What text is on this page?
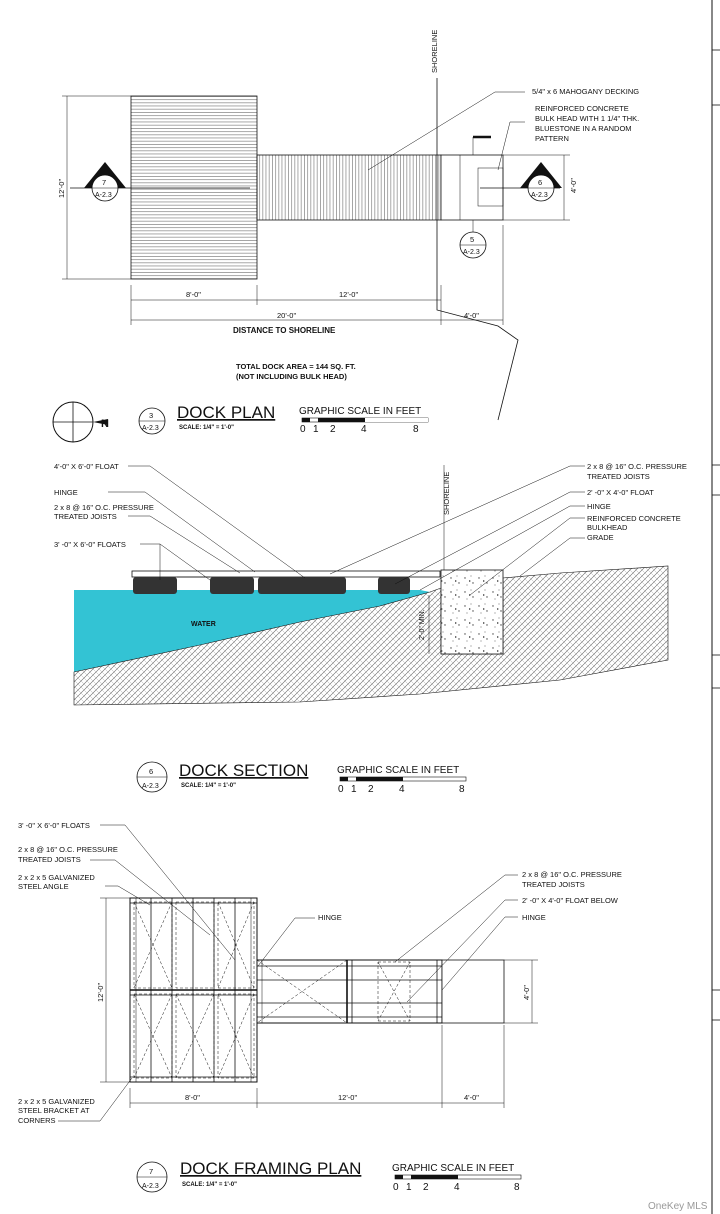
SHORELINE
5/4" x 6 MAHOGANY DECKING
REINFORCED CONCRETE
BULK HEAD WITH 1 1/4" THK.
BLUESTONE IN A RANDOM
PATTERN
12'-0"	4'-0"
8'-0"	12'-0"
20'-0"	4'-0"
DISTANCE TO SHORELINE
TOTAL DOCK AREA = 144 SQ. FT.
(NOT INCLUDING BULK HEAD)
7
A-2.3
6
A-2.3
5
A-2.3
N
3
A-2.3
DOCK PLAN
SCALE: 1/4" = 1'-0"
GRAPHIC SCALE IN FEET
0 1 2	4	8
SHORELINE
WATER	2'-0" MIN.
4'-0" X 6'-0" FLOAT
HINGE
2 x 8 @ 16" O.C. PRESSURE
TREATED JOISTS
3' -0" X 6'-0" FLOATS
2 x 8 @ 16" O.C. PRESSURE
TREATED JOISTS
2' -0" X 4'-0" FLOAT
HINGE
REINFORCED CONCRETE
BULKHEAD
GRADE
6
A-2.3
DOCK SECTION
SCALE: 1/4" = 1'-0"
GRAPHIC SCALE IN FEET
0 1 2	4	8
3' -0" X 6'-0" FLOATS
2 x 8 @ 16" O.C. PRESSURE
TREATED JOISTS
2 x 2 x 5 GALVANIZED
STEEL ANGLE
HINGE
2 x 8 @ 16" O.C. PRESSURE
TREATED JOISTS
2' -0" X 4'-0" FLOAT BELOW
HINGE
2 x 2 x 5 GALVANIZED
STEEL BRACKET AT
CORNERS
12'-0"	4'-0"
8'-0"	12'-0"	4'-0"
7
A-2.3
DOCK FRAMING PLAN
SCALE: 1/4" = 1'-0"
GRAPHIC SCALE IN FEET
0 1 2	4	8
OneKey MLS
